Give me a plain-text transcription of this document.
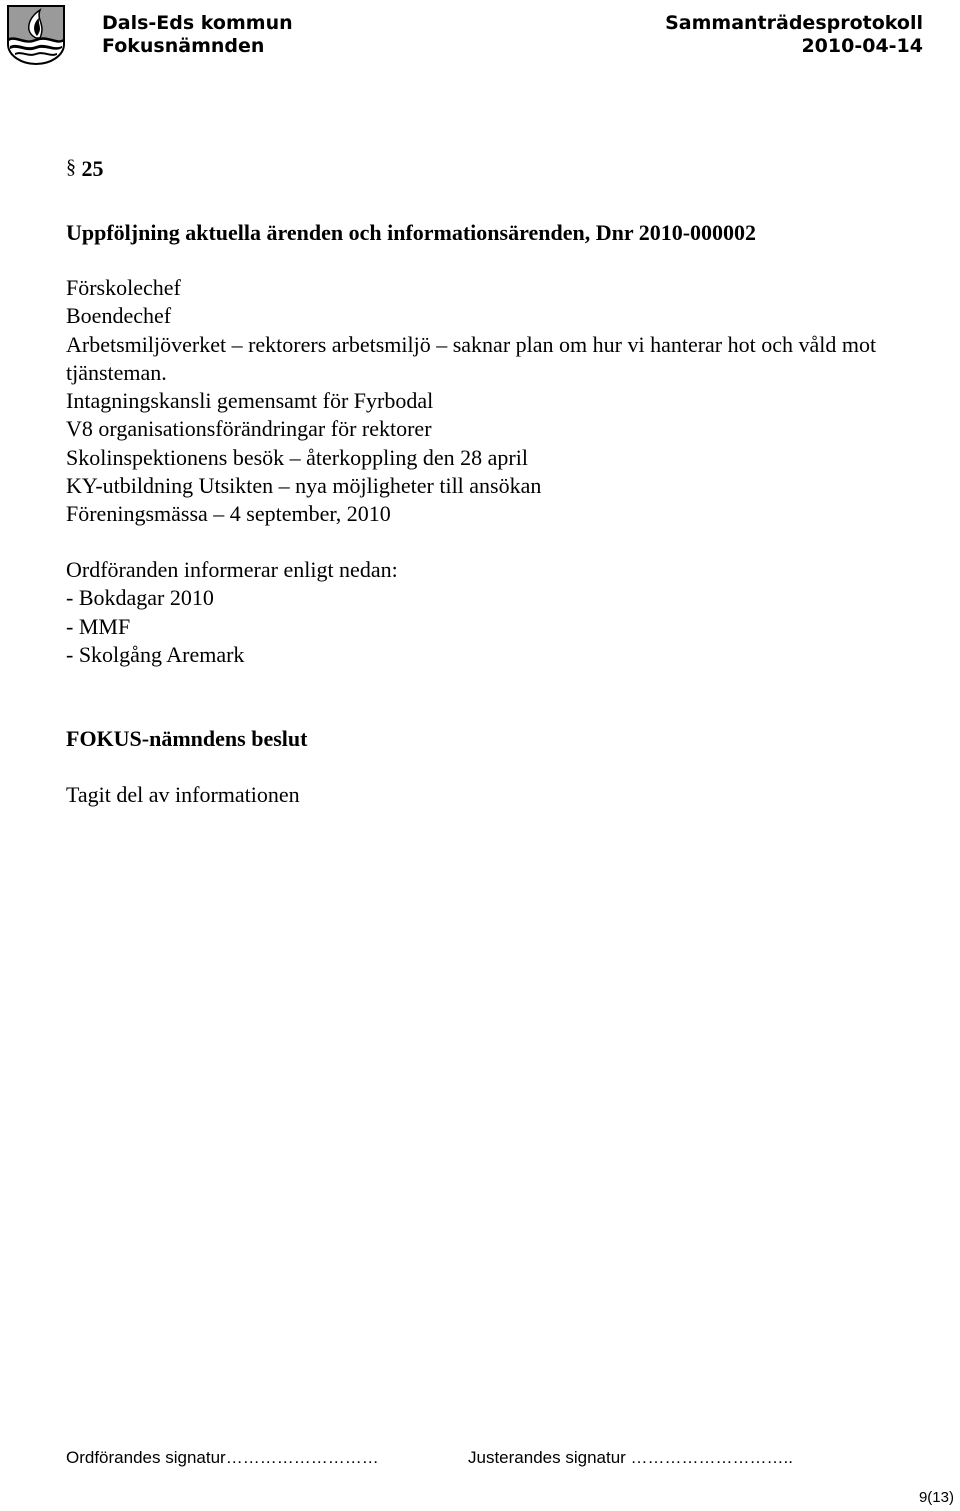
Dals-Eds kommun
Fokusnämnden
Sammanträdesprotokoll
2010-04-14
§ 25
Uppföljning aktuella ärenden och informationsärenden, Dnr 2010-000002
Förskolechef
Boendechef
Arbetsmiljöverket – rektorers arbetsmiljö – saknar plan om hur vi hanterar hot och våld mot tjänsteman.
Intagningskansli gemensamt för Fyrbodal
V8 organisationsförändringar för rektorer
Skolinspektionens besök – återkoppling den 28 april
KY-utbildning Utsikten – nya möjligheter till ansökan
Föreningsmässa – 4 september, 2010
Ordföranden informerar enligt nedan:
- Bokdagar 2010
- MMF
- Skolgång Aremark
FOKUS-nämndens beslut
Tagit del av informationen
Ordförandes signatur………………………	Justerandes signatur ………………………..
9(13)
